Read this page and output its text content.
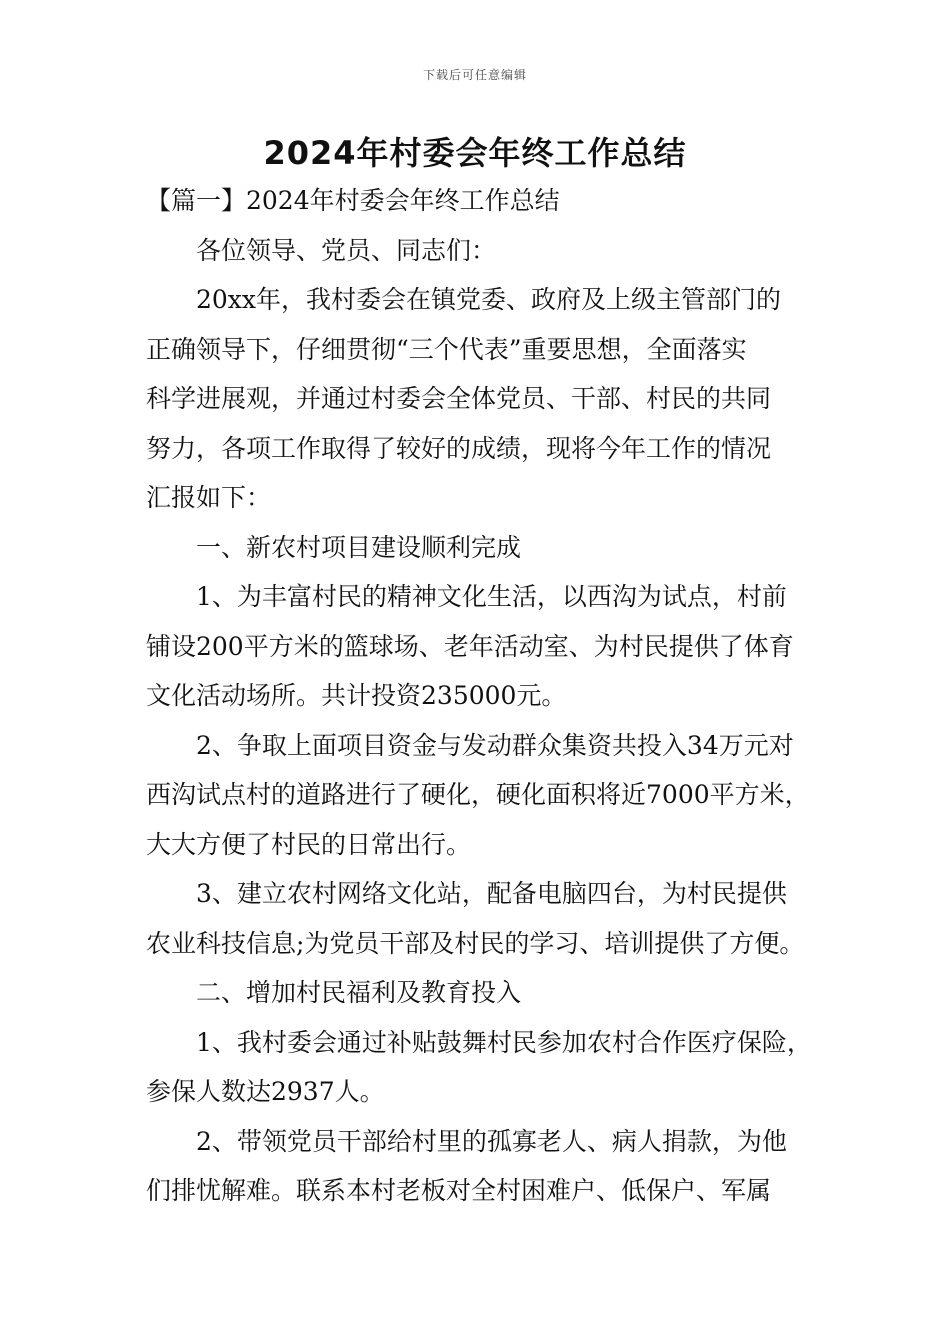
下载后可任意编辑
2024年村委会年终工作总结
【篇一】2024年村委会年终工作总结
各位领导、党员、同志们：
20xx年，我村委会在镇党委、政府及上级主管部门的
正确领导下，仔细贯彻“三个代表”重要思想，全面落实
科学进展观，并通过村委会全体党员、干部、村民的共同
努力，各项工作取得了较好的成绩，现将今年工作的情况
汇报如下：
一、新农村项目建设顺利完成
1、为丰富村民的精神文化生活，以西沟为试点，村前
铺设200平方米的篮球场、老年活动室、为村民提供了体育
文化活动场所。共计投资235000元。
2、争取上面项目资金与发动群众集资共投入34万元对
西沟试点村的道路进行了硬化，硬化面积将近7000平方米，
大大方便了村民的日常出行。
3、建立农村网络文化站，配备电脑四台，为村民提供
农业科技信息;为党员干部及村民的学习、培训提供了方便。
二、增加村民福利及教育投入
1、我村委会通过补贴鼓舞村民参加农村合作医疗保险，
参保人数达2937人。
2、带领党员干部给村里的孤寡老人、病人捐款，为他
们排忧解难。联系本村老板对全村困难户、低保户、军属
